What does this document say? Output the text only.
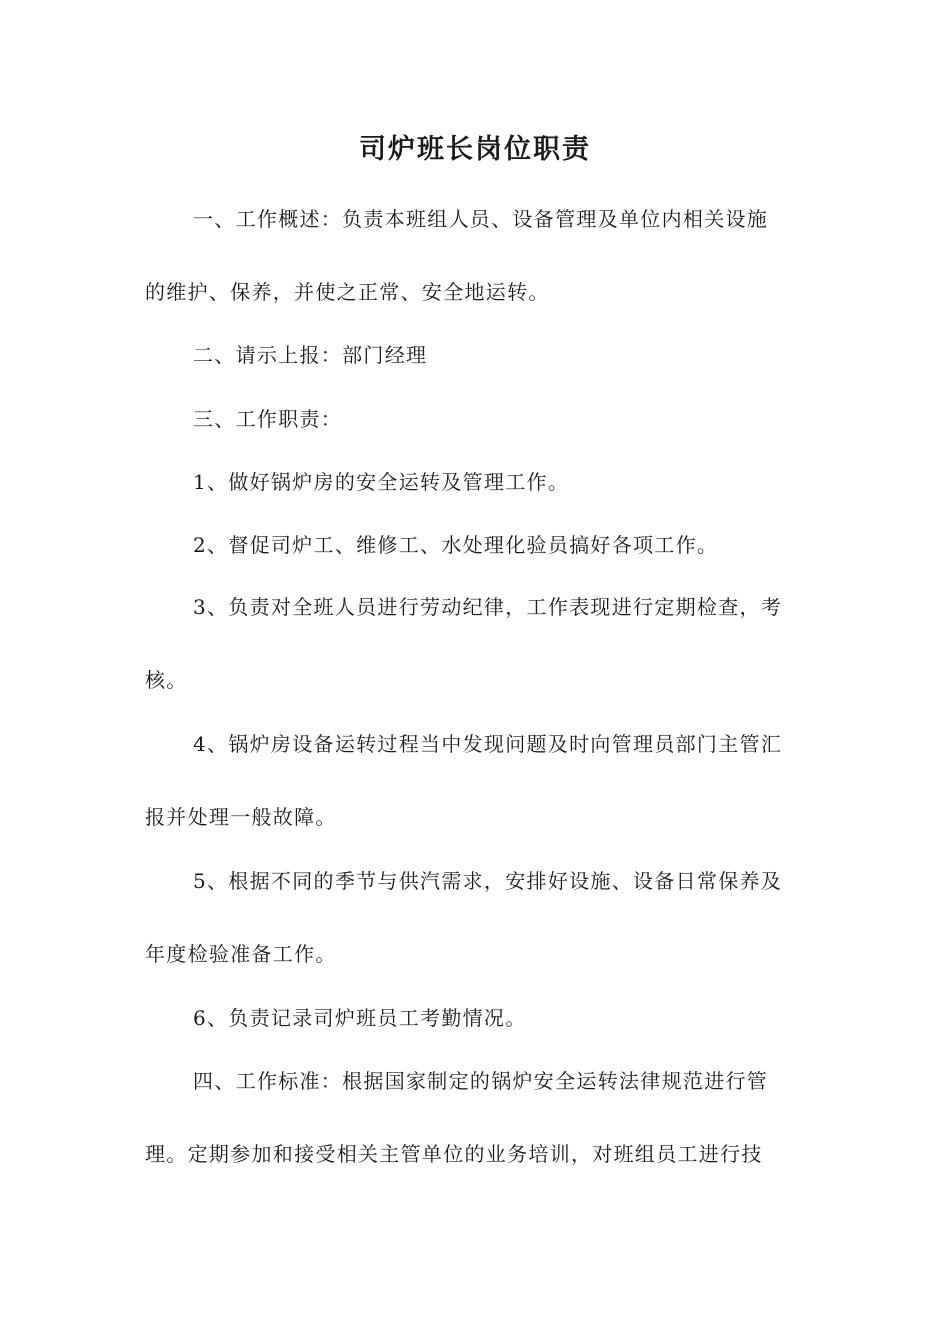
司炉班长岗位职责
一、工作概述：负责本班组人员、设备管理及单位内相关设施
的维护、保养，并使之正常、安全地运转。
二、请示上报：部门经理
三、工作职责：
1、做好锅炉房的安全运转及管理工作。
2、督促司炉工、维修工、水处理化验员搞好各项工作。
3、负责对全班人员进行劳动纪律，工作表现进行定期检查，考
核。
4、锅炉房设备运转过程当中发现问题及时向管理员部门主管汇
报并处理一般故障。
5、根据不同的季节与供汽需求，安排好设施、设备日常保养及
年度检验准备工作。
6、负责记录司炉班员工考勤情况。
四、工作标准：根据国家制定的锅炉安全运转法律规范进行管
理。定期参加和接受相关主管单位的业务培训，对班组员工进行技
